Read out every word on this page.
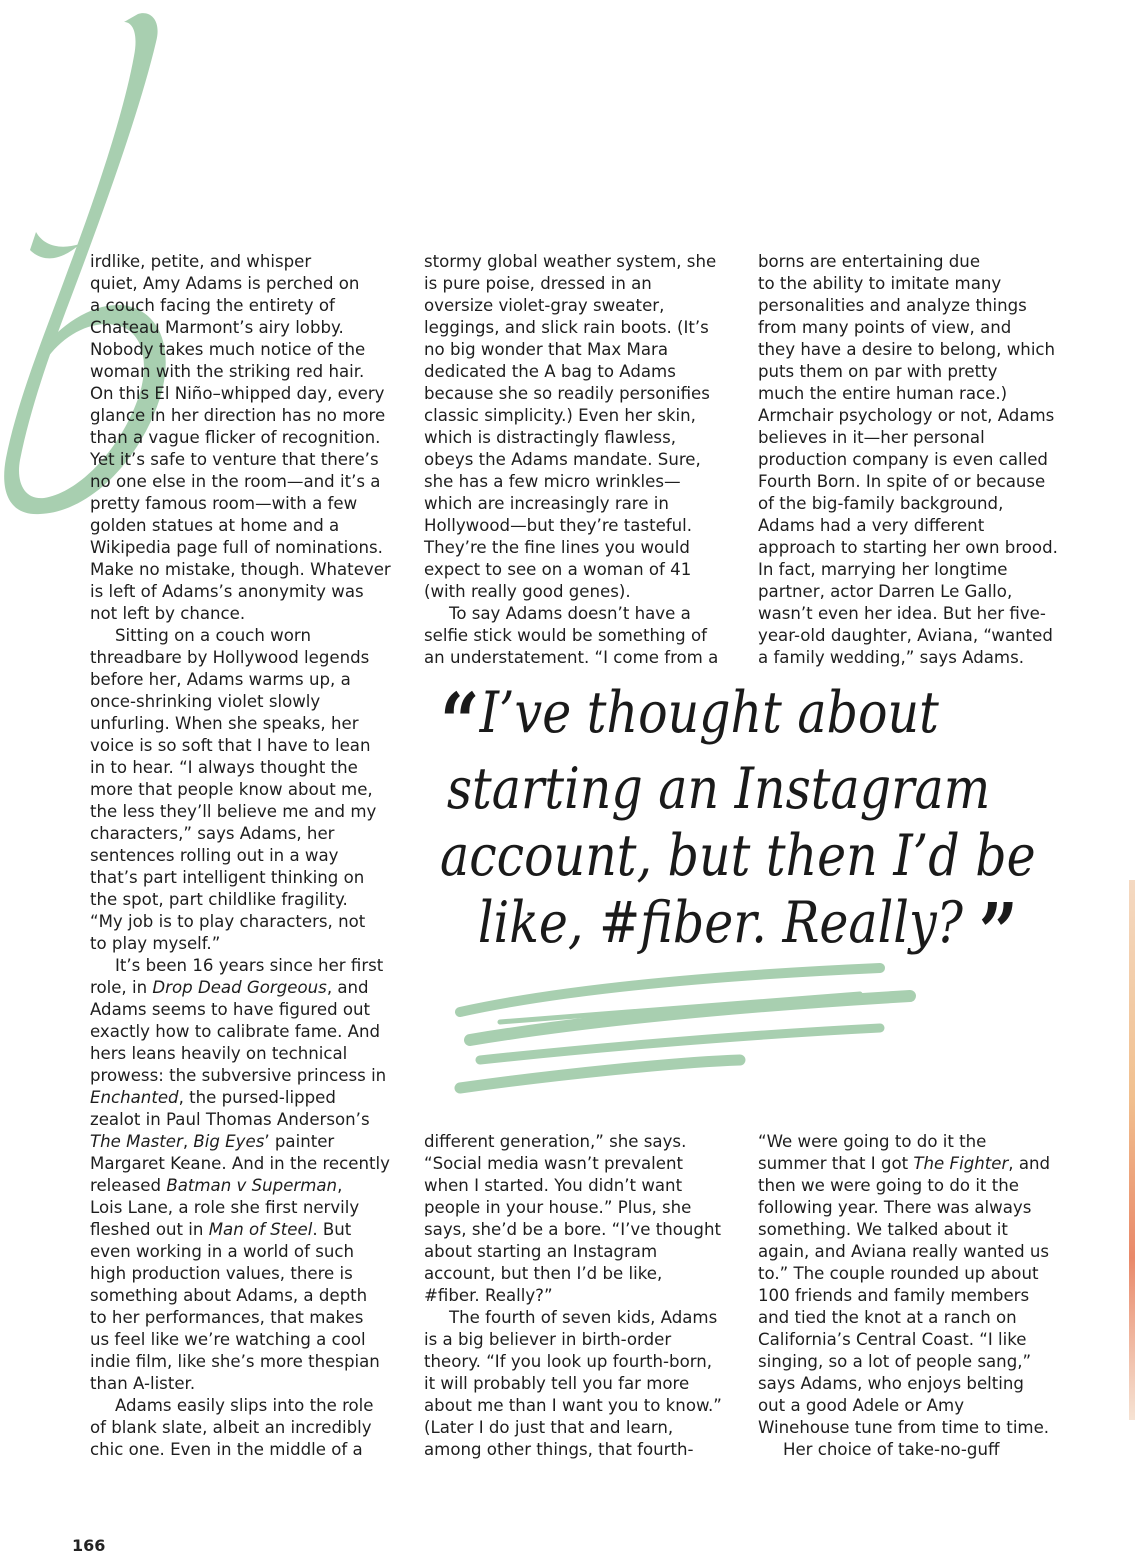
irdlike, petite, and whisper
quiet, Amy Adams is perched on
a couch facing the entirety of
Chateau Marmont’s airy lobby.
Nobody takes much notice of the
woman with the striking red hair.
On this El Niño–whipped day, every
glance in her direction has no more
than a vague flicker of recognition.
Yet it’s safe to venture that there’s
no one else in the room—and it’s a
pretty famous room—with a few
golden statues at home and a
Wikipedia page full of nominations.
Make no mistake, though. Whatever
is left of Adams’s anonymity was
not left by chance.
Sitting on a couch worn
threadbare by Hollywood legends
before her, Adams warms up, a
once-shrinking violet slowly
unfurling. When she speaks, her
voice is so soft that I have to lean
in to hear. “I always thought the
more that people know about me,
the less they’ll believe me and my
characters,” says Adams, her
sentences rolling out in a way
that’s part intelligent thinking on
the spot, part childlike fragility.
“My job is to play characters, not
to play myself.”
It’s been 16 years since her first
role, in Drop Dead Gorgeous, and
Adams seems to have figured out
exactly how to calibrate fame. And
hers leans heavily on technical
prowess: the subversive princess in
Enchanted, the pursed-lipped
zealot in Paul Thomas Anderson’s
The Master, Big Eyes’ painter
Margaret Keane. And in the recently
released Batman v Superman,
Lois Lane, a role she first nervily
fleshed out in Man of Steel. But
even working in a world of such
high production values, there is
something about Adams, a depth
to her performances, that makes
us feel like we’re watching a cool
indie film, like she’s more thespian
than A-lister.
Adams easily slips into the role
of blank slate, albeit an incredibly
chic one. Even in the middle of a
stormy global weather system, she
is pure poise, dressed in an
oversize violet-gray sweater,
leggings, and slick rain boots. (It’s
no big wonder that Max Mara
dedicated the A bag to Adams
because she so readily personifies
classic simplicity.) Even her skin,
which is distractingly flawless,
obeys the Adams mandate. Sure,
she has a few micro wrinkles—
which are increasingly rare in
Hollywood—but they’re tasteful.
They’re the fine lines you would
expect to see on a woman of 41
(with really good genes).
To say Adams doesn’t have a
selfie stick would be something of
an understatement. “I come from a
borns are entertaining due
to the ability to imitate many
personalities and analyze things
from many points of view, and
they have a desire to belong, which
puts them on par with pretty
much the entire human race.)
Armchair psychology or not, Adams
believes in it—her personal
production company is even called
Fourth Born. In spite of or because
of the big-family background,
Adams had a very different
approach to starting her own brood.
In fact, marrying her longtime
partner, actor Darren Le Gallo,
wasn’t even her idea. But her five-
year-old daughter, Aviana, “wanted
a family wedding,” says Adams.
“I’ve thought about
starting an Instagram
account, but then I’d be
like, #fiber. Really? ”
different generation,” she says.
“Social media wasn’t prevalent
when I started. You didn’t want
people in your house.” Plus, she
says, she’d be a bore. “I’ve thought
about starting an Instagram
account, but then I’d be like,
#fiber. Really?”
The fourth of seven kids, Adams
is a big believer in birth-order
theory. “If you look up fourth-born,
it will probably tell you far more
about me than I want you to know.”
(Later I do just that and learn,
among other things, that fourth-
“We were going to do it the
summer that I got The Fighter, and
then we were going to do it the
following year. There was always
something. We talked about it
again, and Aviana really wanted us
to.” The couple rounded up about
100 friends and family members
and tied the knot at a ranch on
California’s Central Coast. “I like
singing, so a lot of people sang,”
says Adams, who enjoys belting
out a good Adele or Amy
Winehouse tune from time to time.
Her choice of take-no-guff
166
